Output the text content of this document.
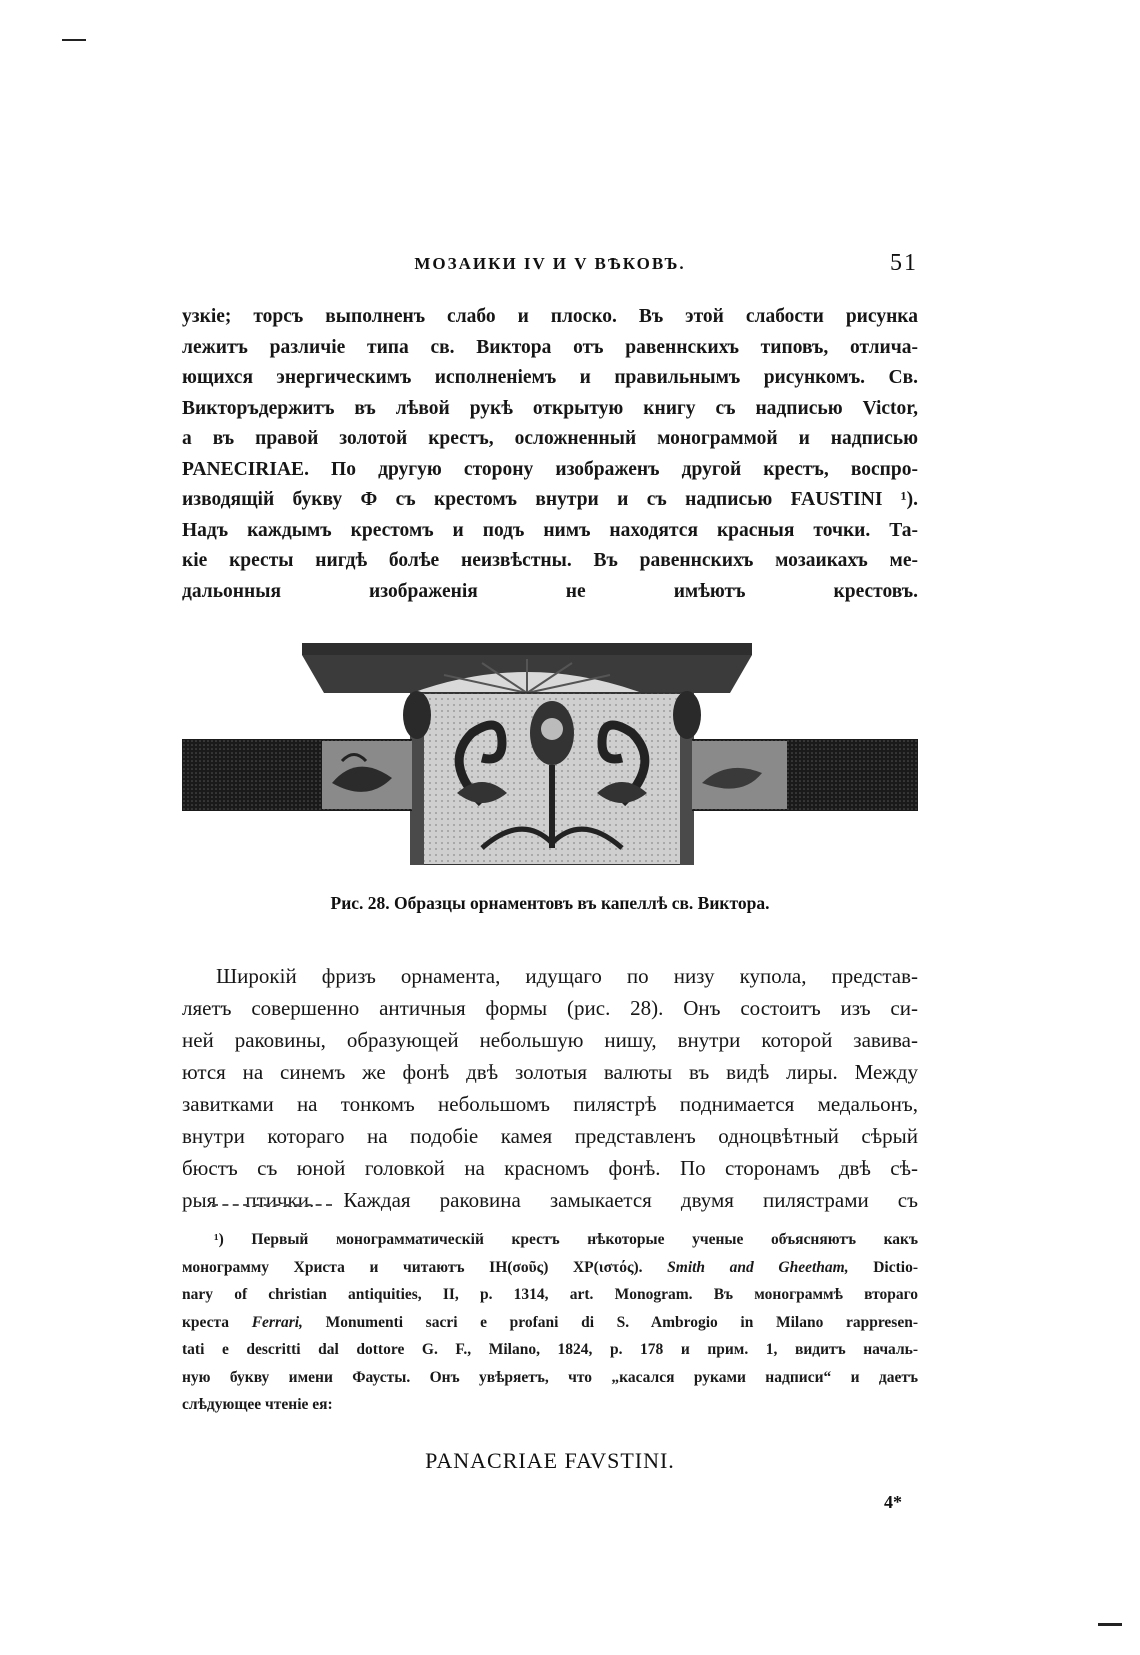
МОЗАИКИ IV И V ВѢКОВЪ.	51
узкіе; торсъ выполненъ слабо и плоско. Въ этой слабости рисунка
лежитъ различіе типа св. Виктора отъ равеннскихъ типовъ, отлича-
ющихся энергическимъ исполненіемъ и правильнымъ рисункомъ. Св.
Викторъдержитъ въ лѣвой рукѣ открытую книгу съ надписью Victor,
а въ правой золотой крестъ, осложненный монограммой и надписью
PANECIRIAE. По другую сторону изображенъ другой крестъ, воспро-
изводящій букву Ф съ крестомъ внутри и съ надписью FAUSTINI ¹).
Надъ каждымъ крестомъ и подъ нимъ находятся красныя точки. Та-
кіе кресты нигдѣ болѣе неизвѣстны. Въ равеннскихъ мозаикахъ ме-
дальонныя изображенія не имѣютъ крестовъ.
Рис. 28. Образцы орнаментовъ въ капеллѣ св. Виктора.
Широкій фризъ орнамента, идущаго по низу купола, представ-
ляетъ совершенно античныя формы (рис. 28). Онъ состоитъ изъ си-
ней раковины, образующей небольшую нишу, внутри которой завива-
ются на синемъ же фонѣ двѣ золотыя валюты въ видѣ лиры. Между
завитками на тонкомъ небольшомъ пилястрѣ поднимается медальонъ,
внутри котораго на подобіе камея представленъ одноцвѣтный сѣрый
бюстъ съ юной головкой на красномъ фонѣ. По сторонамъ двѣ сѣ-
рыя птички. Каждая раковина замыкается двумя пилястрами съ
¹) Первый монограмматическій крестъ нѣкоторые ученые объясняютъ какъ
монограмму Христа и читаютъ ΙΗ(σοῦς) ΧΡ(ιστός). Smith and Gheetham, Dictio-
nary of christian antiquities, II, p. 1314, art. Monogram. Въ монограммѣ втораго
креста Ferrari, Monumenti sacri e profani di S. Ambrogio in Milano rappresen-
tati e descritti dal dottore G. F., Milano, 1824, p. 178 и прим. 1, видитъ началь-
ную букву имени Фаусты. Онъ увѣряетъ, что „касался руками надписи“ и даетъ
слѣдующее чтеніе ея:
PANACRIAE FAVSTINI.
4*
